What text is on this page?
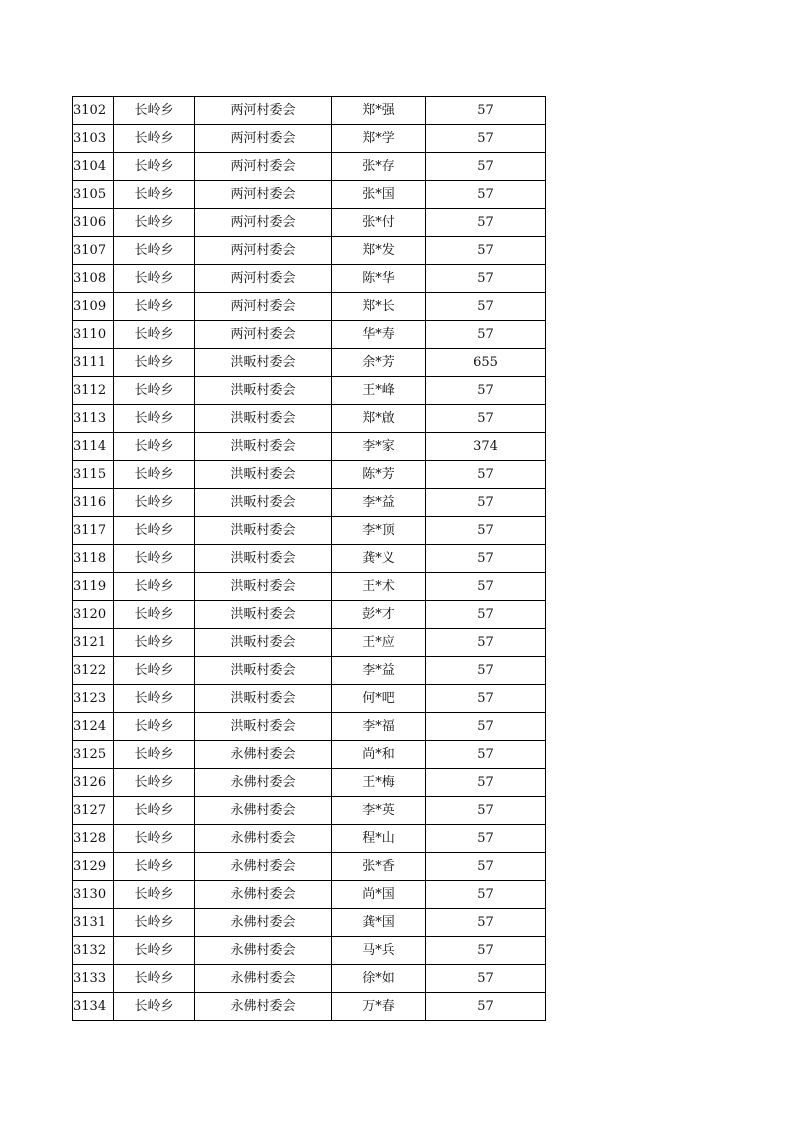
3102	长岭乡	两河村委会	郑*强	57
3103	长岭乡	两河村委会	郑*学	57
3104	长岭乡	两河村委会	张*存	57
3105	长岭乡	两河村委会	张*国	57
3106	长岭乡	两河村委会	张*付	57
3107	长岭乡	两河村委会	郑*发	57
3108	长岭乡	两河村委会	陈*华	57
3109	长岭乡	两河村委会	郑*长	57
3110	长岭乡	两河村委会	华*寿	57
3111	长岭乡	洪畈村委会	余*芳	655
3112	长岭乡	洪畈村委会	王*峰	57
3113	长岭乡	洪畈村委会	郑*啟	57
3114	长岭乡	洪畈村委会	李*家	374
3115	长岭乡	洪畈村委会	陈*芳	57
3116	长岭乡	洪畈村委会	李*益	57
3117	长岭乡	洪畈村委会	李*顶	57
3118	长岭乡	洪畈村委会	龚*义	57
3119	长岭乡	洪畈村委会	王*术	57
3120	长岭乡	洪畈村委会	彭*才	57
3121	长岭乡	洪畈村委会	王*应	57
3122	长岭乡	洪畈村委会	李*益	57
3123	长岭乡	洪畈村委会	何*吧	57
3124	长岭乡	洪畈村委会	李*福	57
3125	长岭乡	永佛村委会	尚*和	57
3126	长岭乡	永佛村委会	王*梅	57
3127	长岭乡	永佛村委会	李*英	57
3128	长岭乡	永佛村委会	程*山	57
3129	长岭乡	永佛村委会	张*香	57
3130	长岭乡	永佛村委会	尚*国	57
3131	长岭乡	永佛村委会	龚*国	57
3132	长岭乡	永佛村委会	马*兵	57
3133	长岭乡	永佛村委会	徐*如	57
3134	长岭乡	永佛村委会	万*春	57
